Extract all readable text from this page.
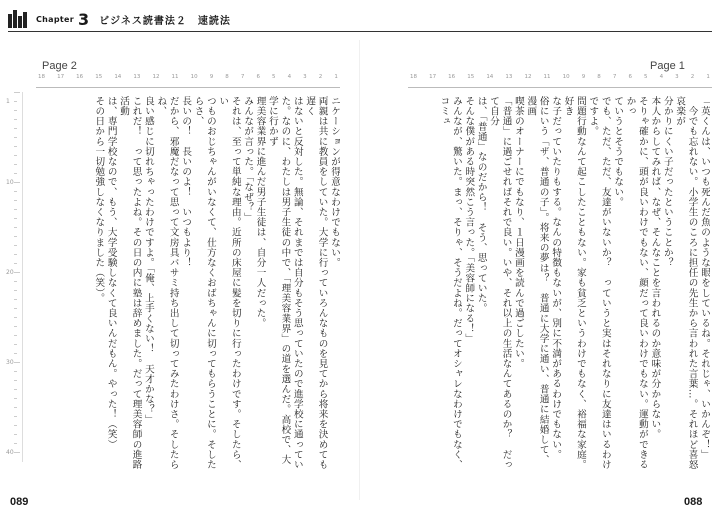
Chapter 3 ビジネス読書法２　速読法
Page 2
18 17 16 15 14 13 12 11 10 9 8 7 6 5 4 3 2 1
1
10
20
30
40

ニケーションが得意なわけでもない。

両親は共に教員をしていた。大学に行っていろんなものを見てから将来を決めても遅く

はないと反対した。無論、それまでは自分もそう思っていたので進学校に通ってい

た。なのに、わたしは男子生徒の中で、「理美容業界」の道を選んだ。高校で、大学に行かず

理美容業界に進んだ男子生徒は、自分一人だった。

みんなが言った。「なぜ？」

それは、至って単純な理由。近所の床屋に髪を切りに行ったわけです。そしたら、い

つものおじちゃんがいなくて、仕方なくおばちゃんに切ってもらうことに。そしたらさ、

長いの！　長いのよ！　いつもより！

だから、邪魔だなって思って文房具バサミ持ち出して切ってみたわけさ。そしたらね、

良い感じに切れちゃったわけですよ。「俺、上手くない！　天才かな？」

これだ！　って思ったよね。その日の内に塾は辞めました。だって理美容師の進路活動

は、専門学校なので、もう、大学受験しなくて良いんだもん。やった！（笑）

その日から一切勉強しなくなりました（笑）。

089
Page 1
18 17 16 15 14 13 12 11 10 9 8 7 6 5 4 3 2 1

「英くんは、いつも死んだ魚のような眼をしているね。それじゃ、いかんぞ！」

　今でも忘れない。小学生のころに担任の先生から言われた言葉…。それほど喜怒哀楽が

分かりにくい子だったということか？

本人からしてみれば、なぜ、そんなことを言われるのか意味が分からない。

そりゃ確かに、頭が良いわけでもない、顔だって良いわけでもない。運動ができるかっ

ていうとそうでもない。

でも、ただ、ただ、友達がいないか？　っていうと実はそれなりに友達はいるわけですよ。

問題行動なんて起こしたこともない。家も貧乏というわけでもなく、裕福な家庭。好き

な子だっていたりもする。なんの特徴もないが、別に不満があるわけでもない。

俗にいう「ザ、普通の子」。将来の夢は？　普通に大学に通い、普通に結婚して、漫画

喫茶のオーナーにでもなり、１日漫画を読んで過ごしたい。

「普通」に過ごせればそれで良い。いや、それ以上の生活なんてあるのか？　だって自分

は、「普通」なのだから！　そう、思っていた。

そんな僕がある時突然こう言った。「美容師になる！」

みんなが、驚いた。まっ、そりゃ、そうだよね。だってオシャレなわけでもなく、コミュ

088
